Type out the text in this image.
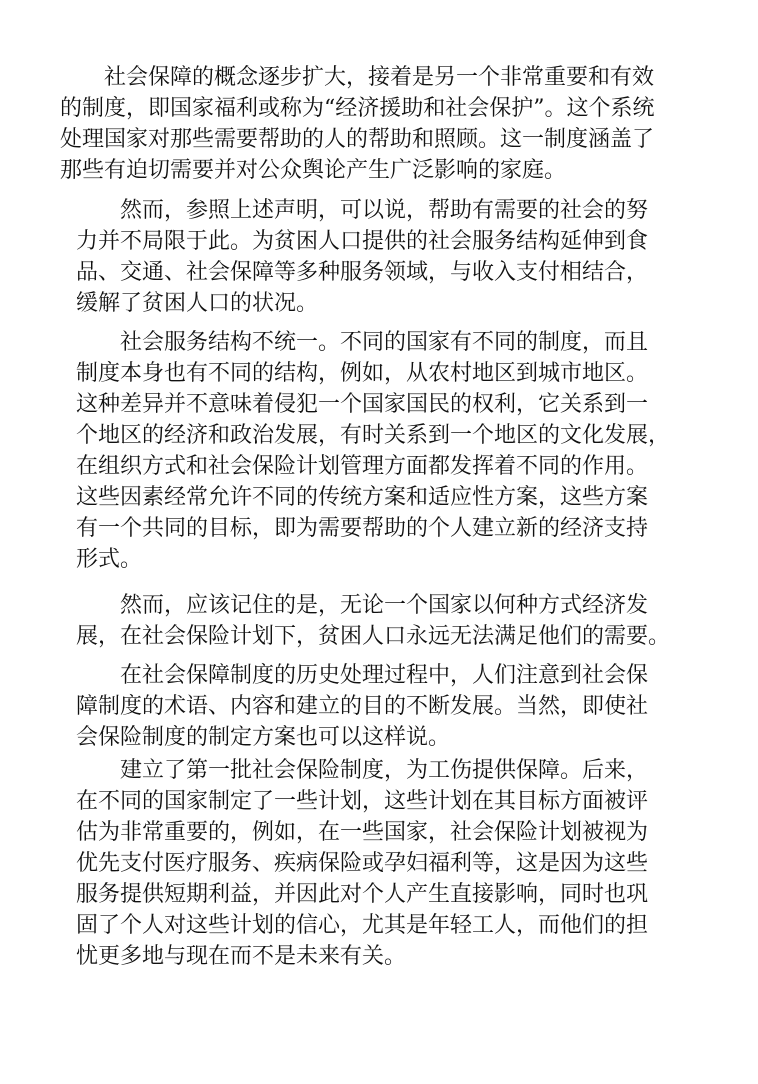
社会保障的概念逐步扩大，接着是另一个非常重要和有效
的制度，即国家福利或称为“经济援助和社会保护”。这个系统
处理国家对那些需要帮助的人的帮助和照顾。这一制度涵盖了
那些有迫切需要并对公众舆论产生广泛影响的家庭。
然而，参照上述声明，可以说，帮助有需要的社会的努
力并不局限于此。为贫困人口提供的社会服务结构延伸到食
品、交通、社会保障等多种服务领域，与收入支付相结合，
缓解了贫困人口的状况。
社会服务结构不统一。不同的国家有不同的制度，而且
制度本身也有不同的结构，例如，从农村地区到城市地区。
这种差异并不意味着侵犯一个国家国民的权利，它关系到一
个地区的经济和政治发展，有时关系到一个地区的文化发展，
在组织方式和社会保险计划管理方面都发挥着不同的作用。
这些因素经常允许不同的传统方案和适应性方案，这些方案
有一个共同的目标，即为需要帮助的个人建立新的经济支持
形式。
然而，应该记住的是，无论一个国家以何种方式经济发
展，在社会保险计划下，贫困人口永远无法满足他们的需要。
在社会保障制度的历史处理过程中，人们注意到社会保
障制度的术语、内容和建立的目的不断发展。当然，即使社
会保险制度的制定方案也可以这样说。
建立了第一批社会保险制度，为工伤提供保障。后来，
在不同的国家制定了一些计划，这些计划在其目标方面被评
估为非常重要的，例如，在一些国家，社会保险计划被视为
优先支付医疗服务、疾病保险或孕妇福利等，这是因为这些
服务提供短期利益，并因此对个人产生直接影响，同时也巩
固了个人对这些计划的信心，尤其是年轻工人，而他们的担
忧更多地与现在而不是未来有关。
